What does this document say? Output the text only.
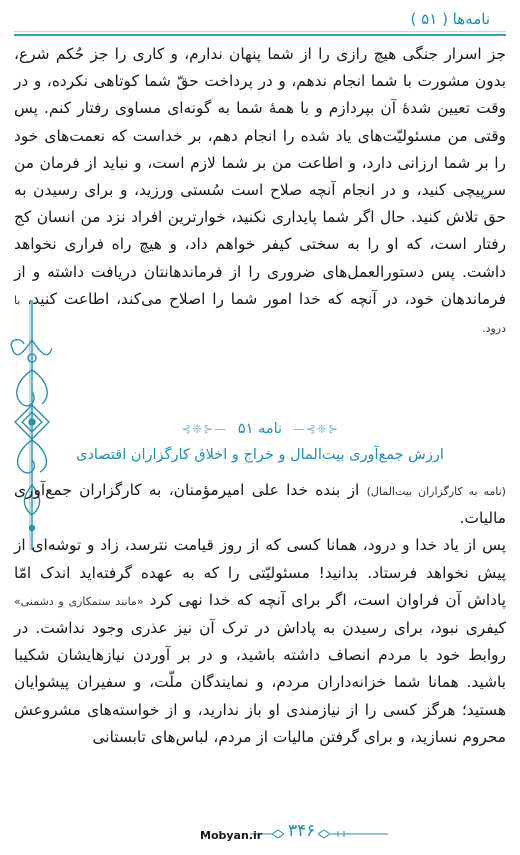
نامه‌ها ( ۵۱ )

جز اسرار جنگی هیچ رازی را از شما پنهان ندارم، و کاری را جز حُکم شرع، بدون مشورت با شما انجام ندهم، و در پرداخت حقّ شما کوتاهی نکرده، و در وقت تعیین شدهٔ آن بپردازم و با همهٔ شما به گونه‌ای مساوی رفتار کنم. پس وقتی من مسئولیّت‌های یاد شده را انجام دهم، بر خداست که نعمت‌های خود را بر شما ارزانی دارد، و اطاعت من بر شما لازم است، و نباید از فرمان من سرپیچی کنید، و در انجام آنچه صلاح است سُستی ورزید، و برای رسیدن به حق تلاش کنید. حال اگر شما پایداری نکنید، خوارترین افراد نزد من انسان کج رفتار است، که او را به سختی کیفر خواهم داد، و هیچ راه فراری نخواهد داشت. پس دستورالعمل‌های ضروری را از فرماندهانتان دریافت داشته و از فرماندهان خود، در آنچه که خدا امور شما را اصلاح می‌کند، اطاعت کنید، با درود.

⊰❈⊱— نامه ۵۱ —⊰❈⊱
ارزش جمع‌آوری بیت‌المال و خراج و اخلاق کارگزاران اقتصادی

(نامه به کارگزاران بیت‌المال) از بنده خدا علی امیرمؤمنان، به کارگزاران جمع‌آوری مالیات.

پس از یاد خدا و درود، همانا کسی که از روز قیامت نترسد، زاد و توشه‌ای از پیش نخواهد فرستاد. بدانید! مسئولیّتی را که به عهده گرفته‌اید اندک امّا پاداش آن فراوان است، اگر برای آنچه که خدا نهی کرد «مانند ستمکاری و دشمنی» کیفری نبود، برای رسیدن به پاداش در ترک آن نیز عذری وجود نداشت. در روابط خود با مردم انصاف داشته باشید، و در بر آوردن نیازهایشان شکیبا باشید. همانا شما خزانه‌داران مردم، و نمایندگان ملّت، و سفیران پیشوایان هستید؛ هرگز کسی را از نیازمندی او باز ندارید، و از خواسته‌های مشروعش محروم نسازید، و برای گرفتن مالیات از مردم، لباس‌های تابستانی

۳۴۶
Mobyan.ir
